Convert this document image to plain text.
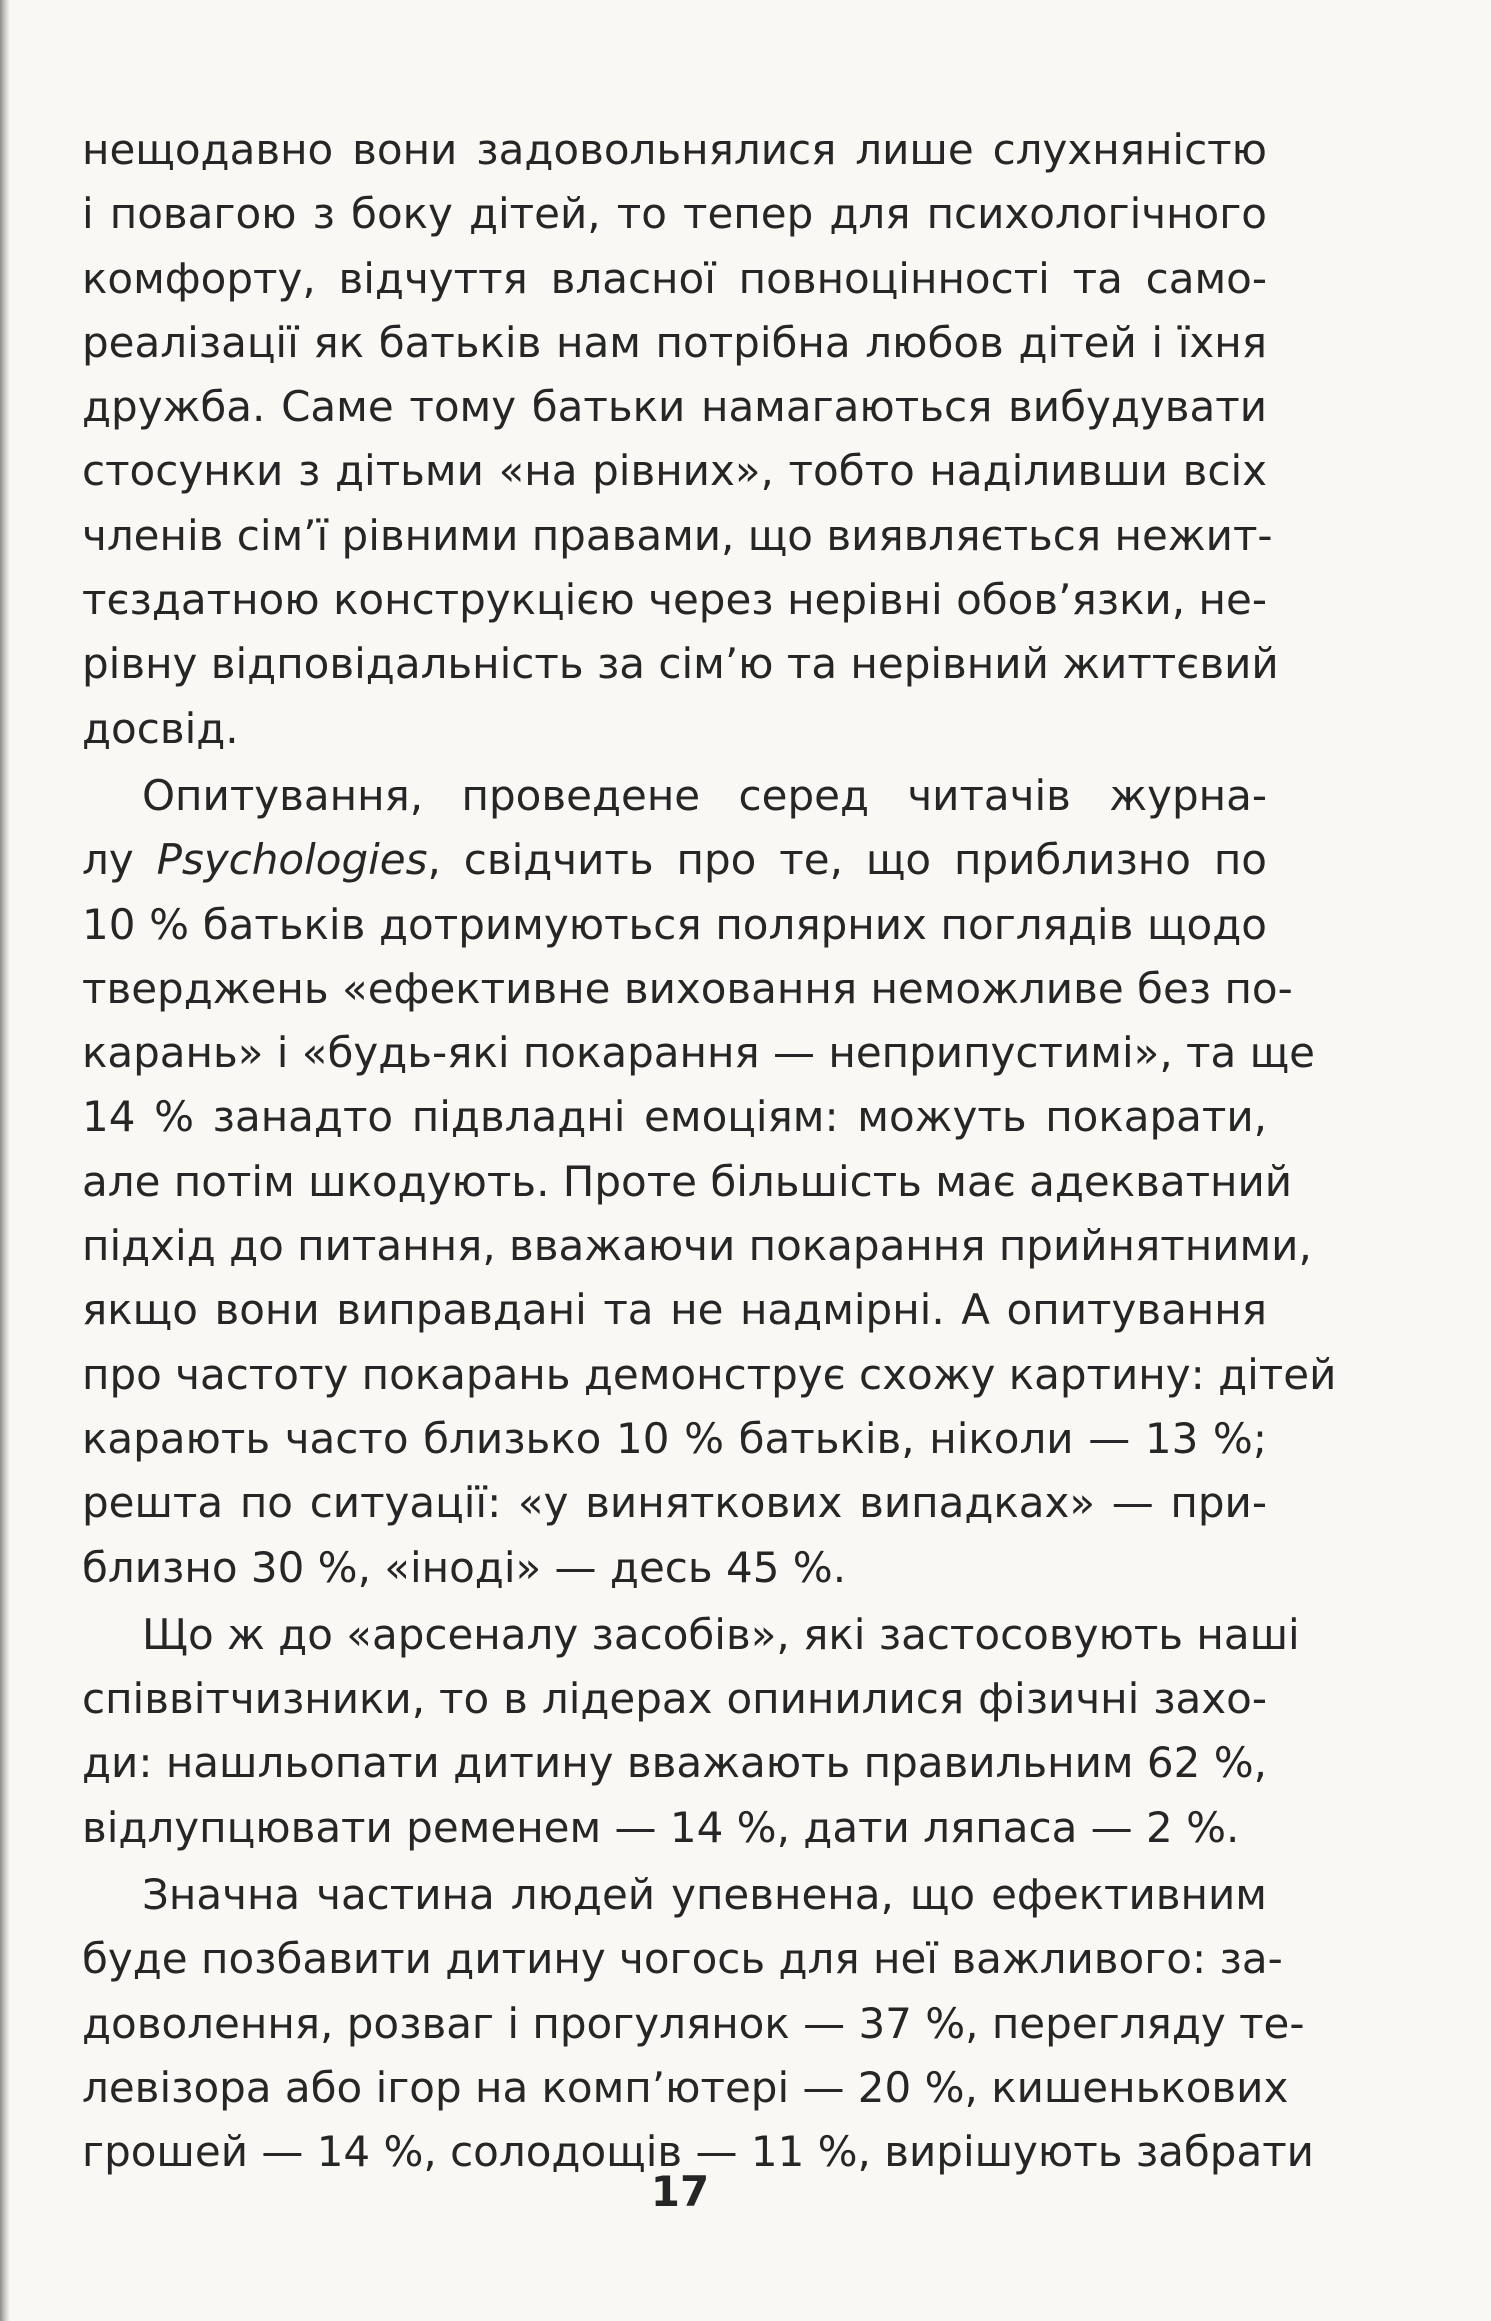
нещодавно вони задовольнялися лише слухняністю
і повагою з боку дітей, то тепер для психологічного
комфорту, відчуття власної повноцінності та само-
реалізації як батьків нам потрібна любов дітей і їхня
дружба. Саме тому батьки намагаються вибудувати
стосунки з дітьми «на рівних», тобто наділивши всіх
членів сім’ї рівними правами, що виявляється нежит-
тєздатною конструкцією через нерівні обов’язки, не-
рівну відповідальність за сім’ю та нерівний життєвий
досвід.
Опитування, проведене серед читачів журна-
лу Psychologies, свідчить про те, що приблизно по
10 % батьків дотримуються полярних поглядів щодо
тверджень «ефективне виховання неможливе без по-
карань» і «будь-які покарання — неприпустимі», та ще
14 % занадто підвладні емоціям: можуть покарати,
але потім шкодують. Проте більшість має адекватний
підхід до питання, вважаючи покарання прийнятними,
якщо вони виправдані та не надмірні. А опитування
про частоту покарань демонструє схожу картину: дітей
карають часто близько 10 % батьків, ніколи — 13 %;
решта по ситуації: «у виняткових випадках» — при-
близно 30 %, «іноді» — десь 45 %.
Що ж до «арсеналу засобів», які застосовують наші
співвітчизники, то в лідерах опинилися фізичні захо-
ди: нашльопати дитину вважають правильним 62 %,
відлупцювати ременем — 14 %, дати ляпаса — 2 %.
Значна частина людей упевнена, що ефективним
буде позбавити дитину чогось для неї важливого: за-
доволення, розваг і прогулянок — 37 %, перегляду те-
левізора або ігор на комп’ютері — 20 %, кишенькових
грошей — 14 %, солодощів — 11 %, вирішують забрати
17
